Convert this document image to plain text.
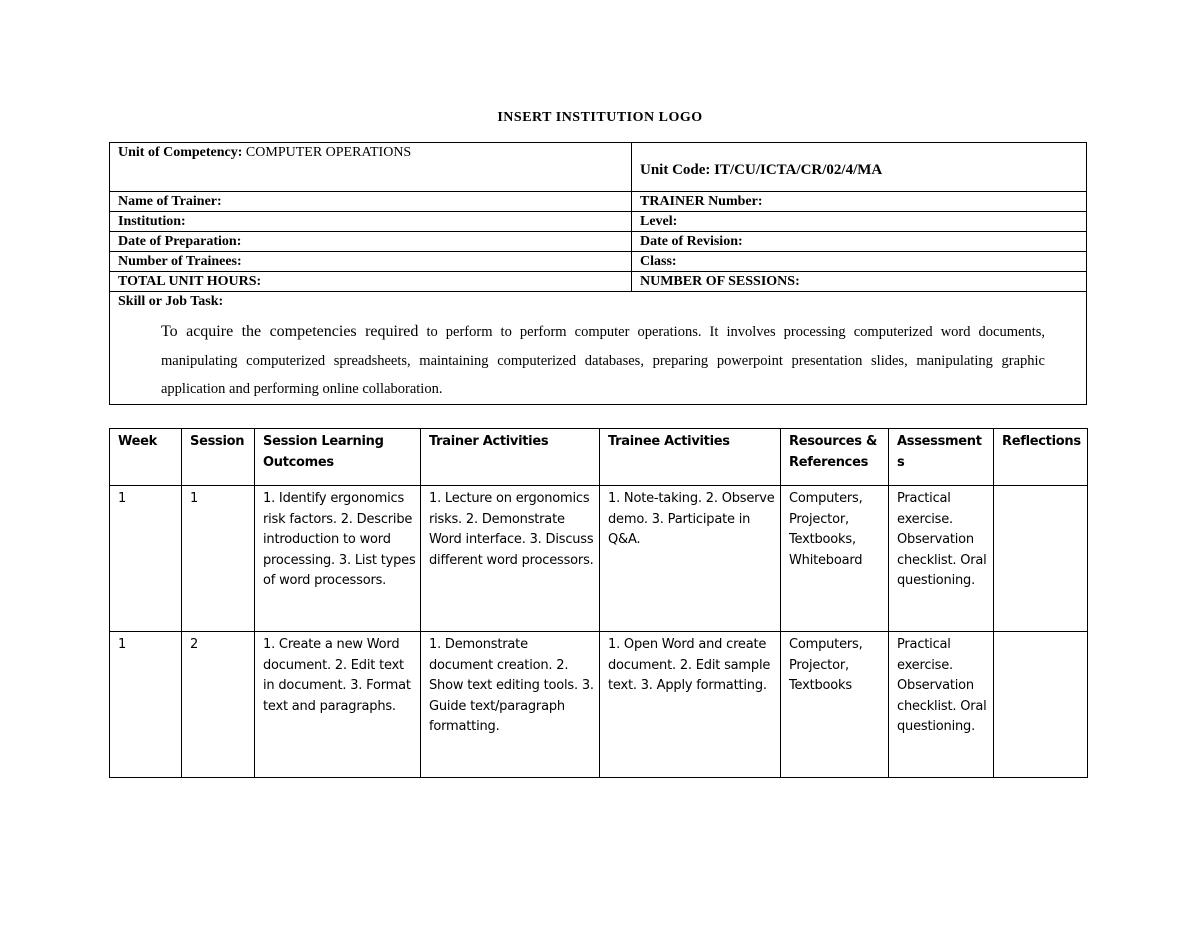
INSERT INSTITUTION LOGO
Unit of Competency: COMPUTER OPERATIONS	Unit Code: IT/CU/ICTA/CR/02/4/MA
Name of Trainer:	TRAINER Number:
Institution:	Level:
Date of Preparation:	Date of Revision:
Number of Trainees:	Class:
TOTAL UNIT HOURS:	NUMBER OF SESSIONS:

Skill or Job Task:
To acquire the competencies required to perform to perform computer operations. It involves processing computerized word documents, manipulating computerized spreadsheets, maintaining computerized databases, preparing powerpoint presentation slides, manipulating graphic application and performing online collaboration.	
Week	Session	Session Learning Outcomes	Trainer Activities	Trainee Activities	Resources & References	Assessment s	Reflections
1	1	1. Identify ergonomics risk factors. 2. Describe introduction to word processing. 3. List types of word processors.	1. Lecture on ergonomics risks. 2. Demonstrate Word interface. 3. Discuss different word processors.	1. Note-taking. 2. Observe demo. 3. Participate in Q&A.	Computers, Projector, Textbooks, Whiteboard	Practical exercise. Observation checklist. Oral questioning.	
1	2	1. Create a new Word document. 2. Edit text in document. 3. Format text and paragraphs.	1. Demonstrate document creation. 2. Show text editing tools. 3. Guide text/paragraph formatting.	1. Open Word and create document. 2. Edit sample text. 3. Apply formatting.	Computers, Projector, Textbooks	Practical exercise. Observation checklist. Oral questioning.	
